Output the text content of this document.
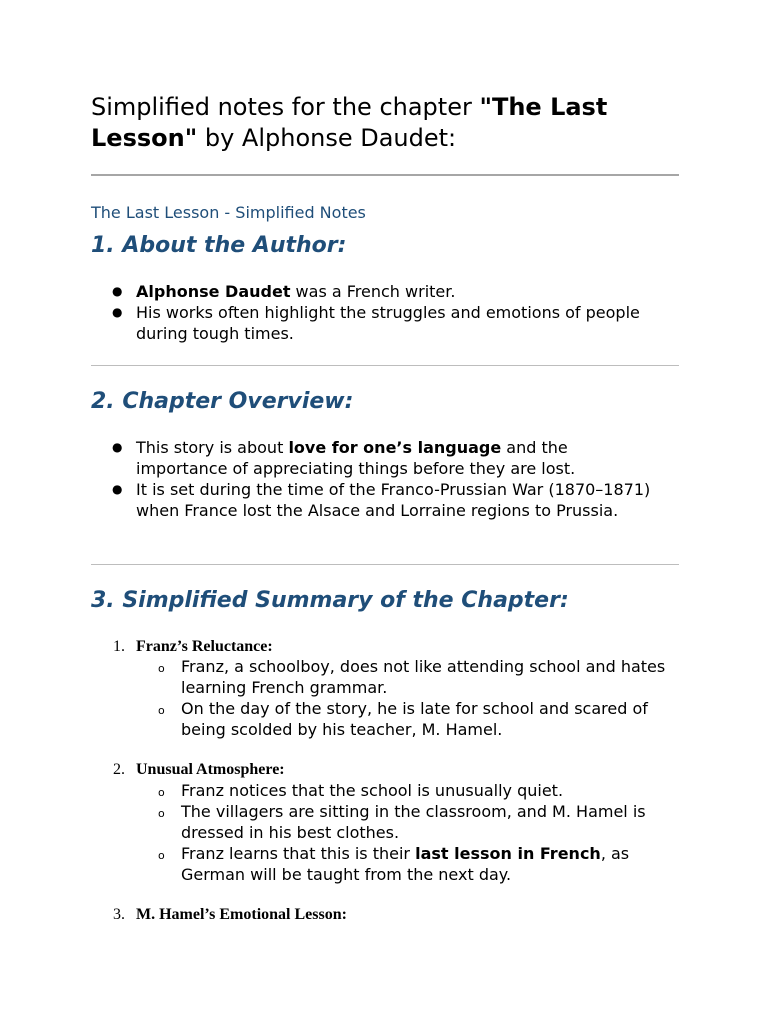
Simplified notes for the chapter "The Last Lesson" by Alphonse Daudet:
The Last Lesson - Simplified Notes
1. About the Author:
● Alphonse Daudet was a French writer.
● His works often highlight the struggles and emotions of people during tough times.
2. Chapter Overview:
● This story is about love for one’s language and the importance of appreciating things before they are lost.
● It is set during the time of the Franco-Prussian War (1870–1871) when France lost the Alsace and Lorraine regions to Prussia.
3. Simplified Summary of the Chapter:
1. Franz’s Reluctance:
o Franz, a schoolboy, does not like attending school and hates learning French grammar.
o On the day of the story, he is late for school and scared of being scolded by his teacher, M. Hamel.
2. Unusual Atmosphere:
o Franz notices that the school is unusually quiet.
o The villagers are sitting in the classroom, and M. Hamel is dressed in his best clothes.
o Franz learns that this is their last lesson in French, as German will be taught from the next day.
3. M. Hamel’s Emotional Lesson:
